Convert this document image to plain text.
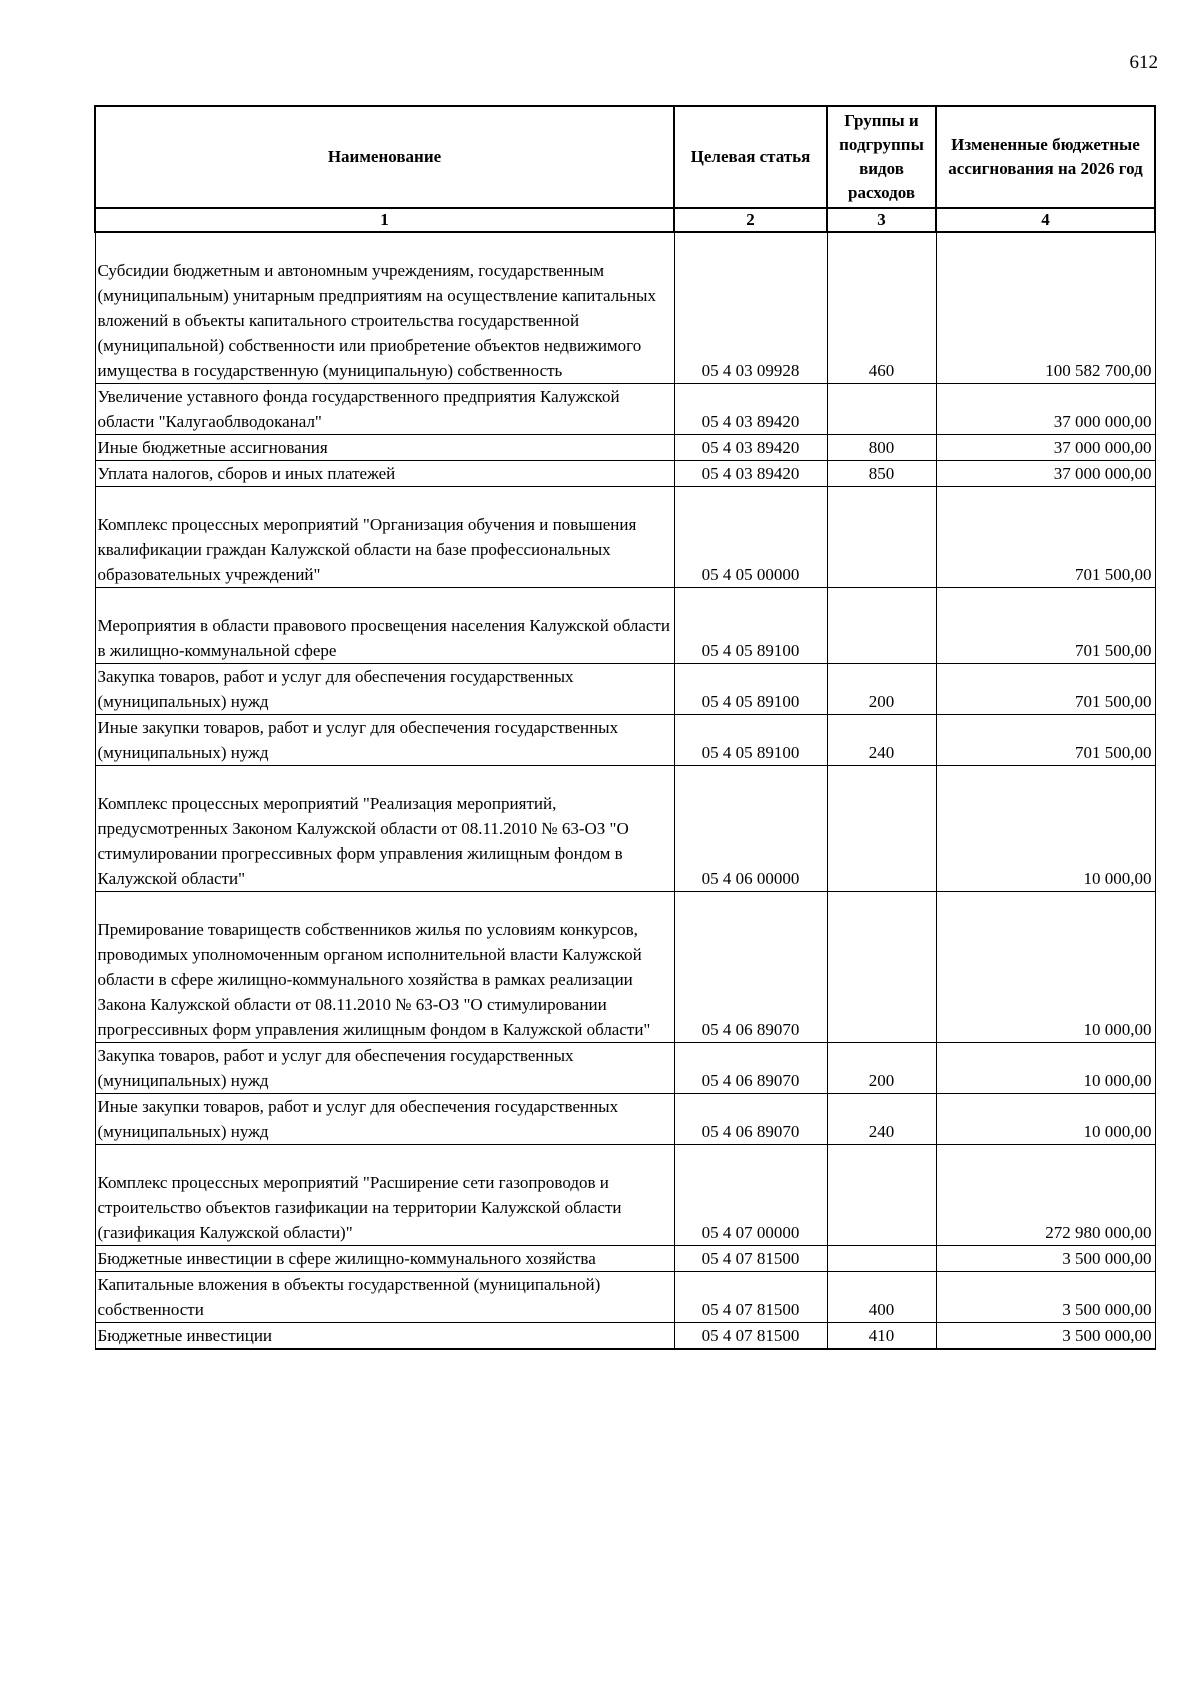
612
Наименование	Целевая статья	Группы и подгруппы видов расходов	Измененные бюджетные ассигнования на 2026 год
1	2	3	4
Субсидии бюджетным и автономным учреждениям, государственным (муниципальным) унитарным предприятиям на осуществление капитальных вложений в объекты капитального строительства государственной (муниципальной) собственности или приобретение объектов недвижимого имущества в государственную (муниципальную) собственность	05 4 03 09928	460	100 582 700,00
Увеличение уставного фонда государственного предприятия Калужской области "Калугаоблводоканал"	05 4 03 89420		37 000 000,00
Иные бюджетные ассигнования	05 4 03 89420	800	37 000 000,00
Уплата налогов, сборов и иных платежей	05 4 03 89420	850	37 000 000,00
Комплекс процессных мероприятий "Организация обучения и повышения квалификации граждан Калужской области на базе профессиональных образовательных учреждений"	05 4 05 00000		701 500,00
Мероприятия в области правового просвещения населения Калужской области в жилищно-коммунальной сфере	05 4 05 89100		701 500,00
Закупка товаров, работ и услуг для обеспечения государственных (муниципальных) нужд	05 4 05 89100	200	701 500,00
Иные закупки товаров, работ и услуг для обеспечения государственных (муниципальных) нужд	05 4 05 89100	240	701 500,00
Комплекс процессных мероприятий "Реализация мероприятий, предусмотренных Законом Калужской области от 08.11.2010 № 63-ОЗ "О стимулировании прогрессивных форм управления жилищным фондом в Калужской области"	05 4 06 00000		10 000,00
Премирование товариществ собственников жилья по условиям конкурсов, проводимых уполномоченным органом исполнительной власти Калужской области в сфере жилищно-коммунального хозяйства в рамках реализации Закона Калужской области от 08.11.2010 № 63-ОЗ "О стимулировании прогрессивных форм управления жилищным фондом в Калужской области"	05 4 06 89070		10 000,00
Закупка товаров, работ и услуг для обеспечения государственных (муниципальных) нужд	05 4 06 89070	200	10 000,00
Иные закупки товаров, работ и услуг для обеспечения государственных (муниципальных) нужд	05 4 06 89070	240	10 000,00
Комплекс процессных мероприятий "Расширение сети газопроводов и строительство объектов газификации на территории Калужской области (газификация Калужской области)"	05 4 07 00000		272 980 000,00
Бюджетные инвестиции в сфере жилищно-коммунального хозяйства	05 4 07 81500		3 500 000,00
Капитальные вложения в объекты государственной (муниципальной) собственности	05 4 07 81500	400	3 500 000,00
Бюджетные инвестиции	05 4 07 81500	410	3 500 000,00
